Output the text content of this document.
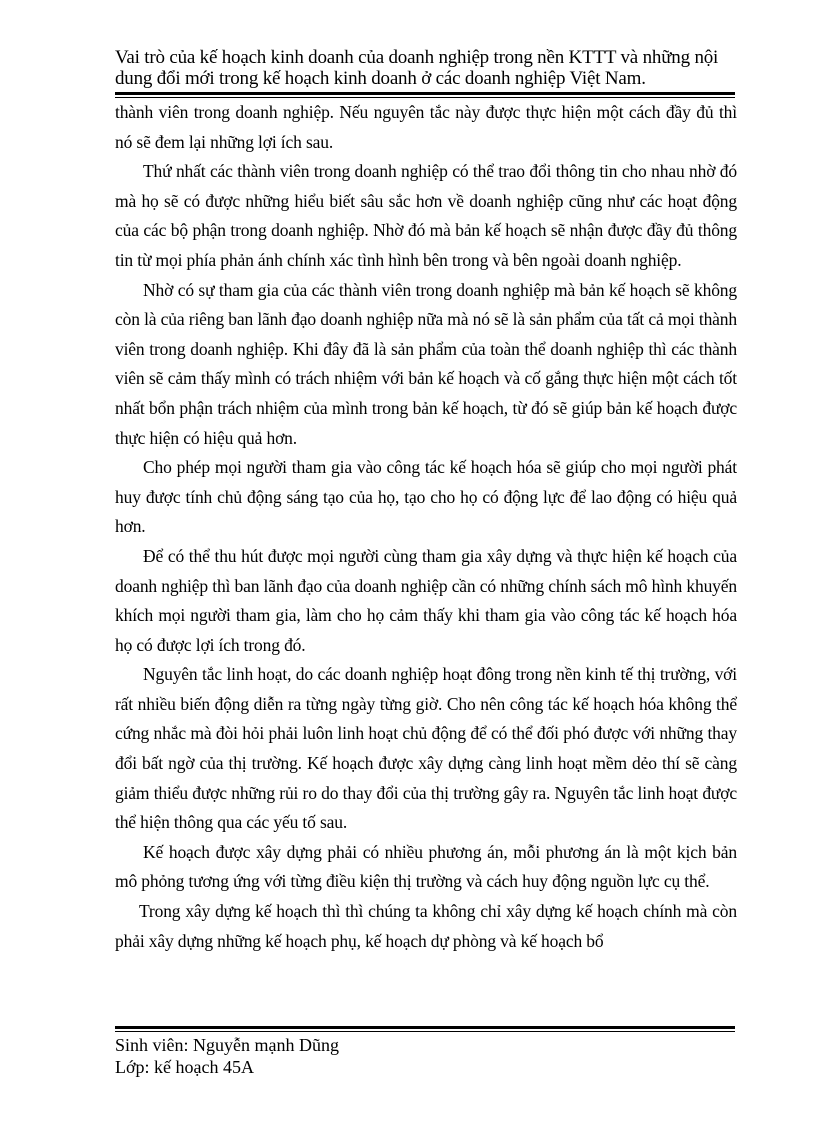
Vai trò của kế hoạch kinh doanh của doanh nghiệp trong nền KTTT và những nội dung đổi mới trong kế hoạch kinh doanh ở các doanh nghiệp Việt Nam.

thành viên trong doanh nghiệp. Nếu nguyên tắc này được thực hiện một cách đầy đủ thì nó sẽ đem lại những lợi ích sau.

Thứ nhất các thành viên trong doanh nghiệp có thể trao đổi thông tin cho nhau nhờ đó mà họ sẽ có được những hiểu biết sâu sắc hơn về doanh nghiệp cũng như các hoạt động của các bộ phận trong doanh nghiệp. Nhờ đó mà bản kế hoạch sẽ nhận được đầy đủ thông tin từ mọi phía phản ánh chính xác tình hình bên trong và bên ngoài doanh nghiệp.

Nhờ có sự tham gia của các thành viên trong doanh nghiệp mà bản kế hoạch sẽ không còn là của riêng ban lãnh đạo doanh nghiệp nữa mà nó sẽ là sản phẩm của tất cả mọi thành viên trong doanh nghiệp. Khi đây đã là sản phẩm của toàn thể doanh nghiệp thì các thành viên sẽ cảm thấy mình có trách nhiệm với bản kế hoạch và cố gắng thực hiện một cách tốt nhất bổn phận trách nhiệm của mình trong bản kế hoạch, từ đó sẽ giúp bản kế hoạch được thực hiện có hiệu quả hơn.

Cho phép mọi người tham gia vào công tác kế hoạch hóa sẽ giúp cho mọi người phát huy được tính chủ động sáng tạo của họ, tạo cho họ có động lực để lao động có hiệu quả hơn.

Để có thể thu hút được mọi người cùng tham gia xây dựng và thực hiện kế hoạch của doanh nghiệp thì ban lãnh đạo của doanh nghiệp cần có những chính sách mô hình khuyến khích mọi người tham gia, làm cho họ cảm thấy khi tham gia vào công tác kế hoạch hóa họ có được lợi ích trong đó.

Nguyên tắc linh hoạt, do các doanh nghiệp hoạt đông trong nền kinh tế thị trường, với rất nhiều biến động diễn ra từng ngày từng giờ. Cho nên công tác kế hoạch hóa không thể cứng nhắc mà đòi hỏi phải luôn linh hoạt chủ động để có thể đối phó được với những thay đổi bất ngờ của thị trường. Kế hoạch được xây dựng càng linh hoạt mềm dẻo thí sẽ càng giảm thiểu được những rủi ro do thay đổi của thị trường gây ra. Nguyên tắc linh hoạt được thể hiện thông qua các yếu tố sau.

Kế hoạch được xây dựng phải có nhiều phương án, mỗi phương án là một kịch bản mô phỏng tương ứng với từng điều kiện thị trường và cách huy động nguồn lực cụ thể.

Trong xây dựng kế hoạch thì thì chúng ta không chỉ xây dựng kế hoạch chính mà còn phải xây dựng những kế hoạch phụ, kế hoạch dự phòng và kế hoạch bổ

Sinh viên: Nguyễn mạnh Dũng
Lớp: kế hoạch 45A
